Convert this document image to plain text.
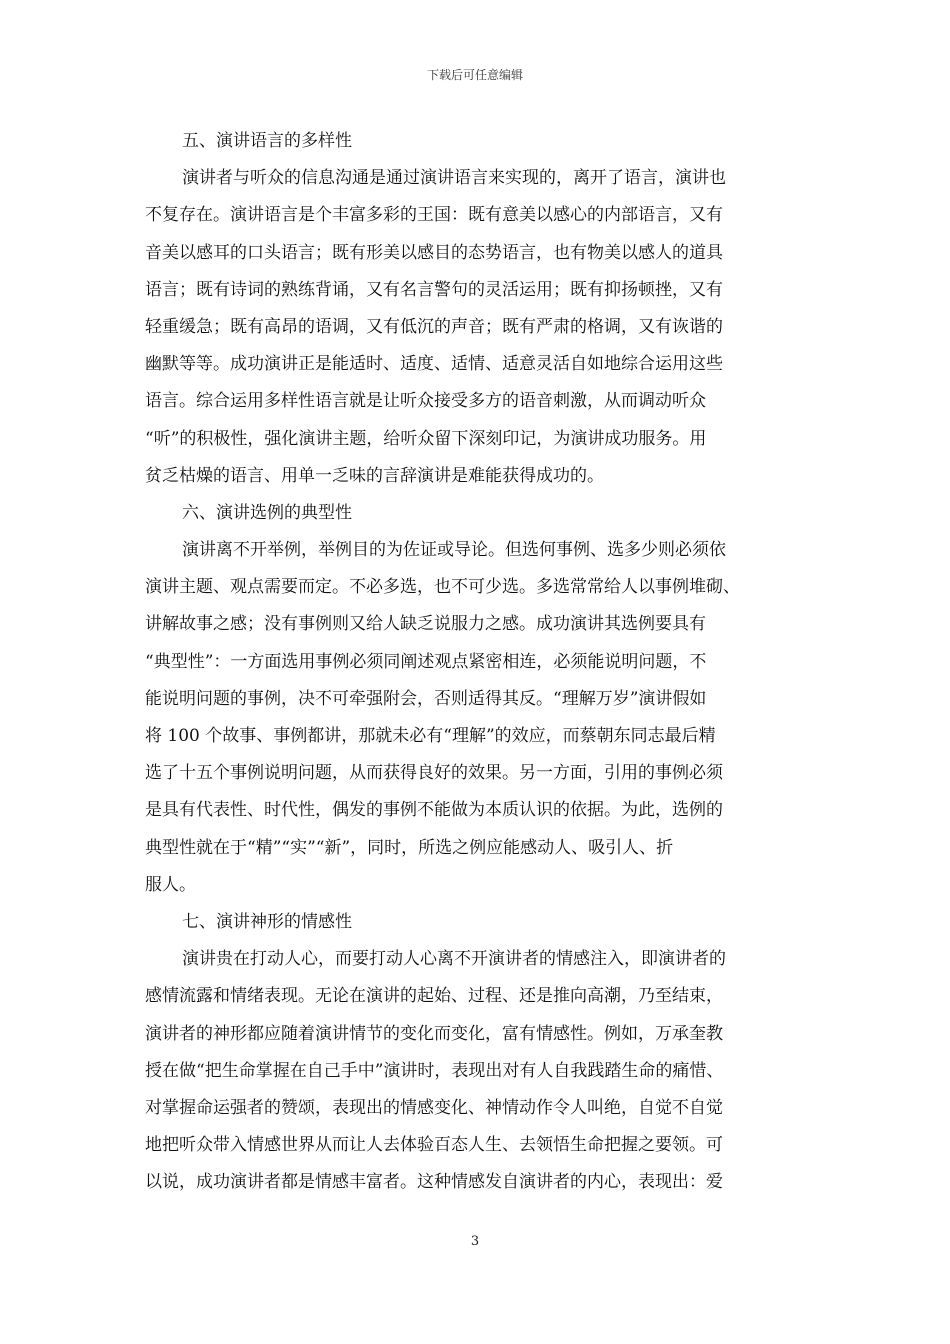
下载后可任意编辑
五、演讲语言的多样性
演讲者与听众的信息沟通是通过演讲语言来实现的，离开了语言，演讲也
不复存在。演讲语言是个丰富多彩的王国：既有意美以感心的内部语言，又有
音美以感耳的口头语言；既有形美以感目的态势语言，也有物美以感人的道具
语言；既有诗词的熟练背诵，又有名言警句的灵活运用；既有抑扬顿挫，又有
轻重缓急；既有高昂的语调，又有低沉的声音；既有严肃的格调，又有诙谐的
幽默等等。成功演讲正是能适时、适度、适情、适意灵活自如地综合运用这些
语言。综合运用多样性语言就是让听众接受多方的语音刺激，从而调动听众
“听”的积极性，强化演讲主题，给听众留下深刻印记，为演讲成功服务。用
贫乏枯燥的语言、用单一乏味的言辞演讲是难能获得成功的。
六、演讲选例的典型性
演讲离不开举例，举例目的为佐证或导论。但选何事例、选多少则必须依
演讲主题、观点需要而定。不必多选，也不可少选。多选常常给人以事例堆砌、
讲解故事之感；没有事例则又给人缺乏说服力之感。成功演讲其选例要具有
“典型性”：一方面选用事例必须同阐述观点紧密相连，必须能说明问题，不
能说明问题的事例，决不可牵强附会，否则适得其反。“理解万岁”演讲假如
将 100 个故事、事例都讲，那就未必有“理解”的效应，而蔡朝东同志最后精
选了十五个事例说明问题，从而获得良好的效果。另一方面，引用的事例必须
是具有代表性、时代性，偶发的事例不能做为本质认识的依据。为此，选例的
典型性就在于“精”“实”“新”，同时，所选之例应能感动人、吸引人、折
服人。
七、演讲神形的情感性
演讲贵在打动人心，而要打动人心离不开演讲者的情感注入，即演讲者的
感情流露和情绪表现。无论在演讲的起始、过程、还是推向高潮，乃至结束，
演讲者的神形都应随着演讲情节的变化而变化，富有情感性。例如，万承奎教
授在做“把生命掌握在自己手中”演讲时，表现出对有人自我践踏生命的痛惜、
对掌握命运强者的赞颂，表现出的情感变化、神情动作令人叫绝，自觉不自觉
地把听众带入情感世界从而让人去体验百态人生、去领悟生命把握之要领。可
以说，成功演讲者都是情感丰富者。这种情感发自演讲者的内心，表现出：爱
3
